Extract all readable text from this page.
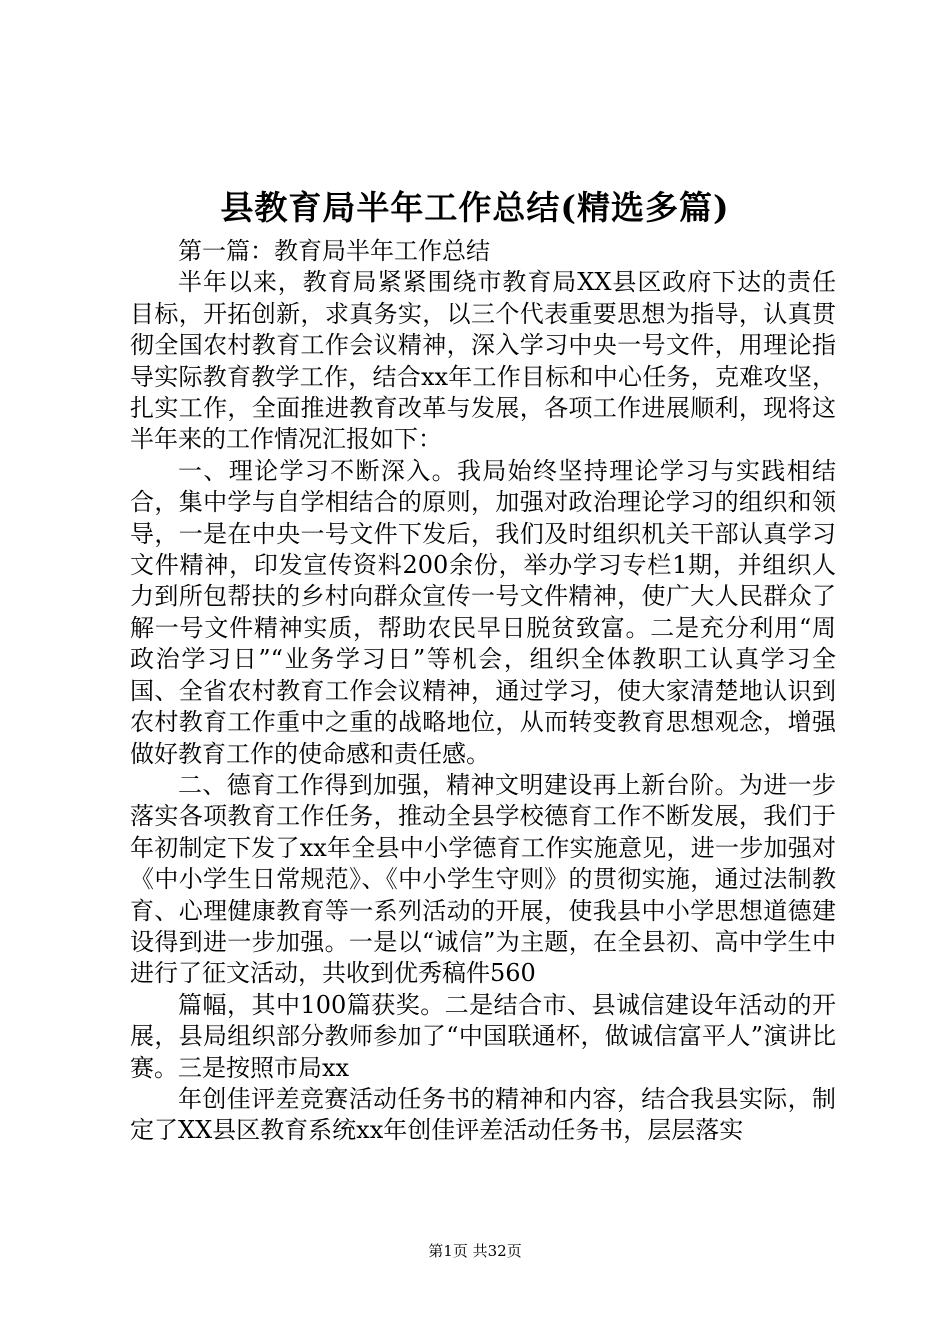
县教育局半年工作总结(精选多篇)

第一篇：教育局半年工作总结

半年以来，教育局紧紧围绕市教育局XX县区政府下达的责任目标，开拓创新，求真务实，以三个代表重要思想为指导，认真贯彻全国农村教育工作会议精神，深入学习中央一号文件，用理论指导实际教育教学工作，结合xx年工作目标和中心任务，克难攻坚，扎实工作，全面推进教育改革与发展，各项工作进展顺利，现将这半年来的工作情况汇报如下：

一、理论学习不断深入。我局始终坚持理论学习与实践相结合，集中学与自学相结合的原则，加强对政治理论学习的组织和领导，一是在中央一号文件下发后，我们及时组织机关干部认真学习文件精神，印发宣传资料200余份，举办学习专栏1期，并组织人力到所包帮扶的乡村向群众宣传一号文件精神，使广大人民群众了解一号文件精神实质，帮助农民早日脱贫致富。二是充分利用“周政治学习日”“业务学习日”等机会，组织全体教职工认真学习全国、全省农村教育工作会议精神，通过学习，使大家清楚地认识到农村教育工作重中之重的战略地位，从而转变教育思想观念，增强做好教育工作的使命感和责任感。

二、德育工作得到加强，精神文明建设再上新台阶。为进一步落实各项教育工作任务，推动全县学校德育工作不断发展，我们于年初制定下发了xx年全县中小学德育工作实施意见，进一步加强对《中小学生日常规范》、《中小学生守则》的贯彻实施，通过法制教育、心理健康教育等一系列活动的开展，使我县中小学思想道德建设得到进一步加强。一是以“诚信”为主题，在全县初、高中学生中进行了征文活动，共收到优秀稿件560

篇幅，其中100篇获奖。二是结合市、县诚信建设年活动的开展，县局组织部分教师参加了“中国联通杯，做诚信富平人”演讲比赛。三是按照市局xx

年创佳评差竞赛活动任务书的精神和内容，结合我县实际，制定了XX县区教育系统xx年创佳评差活动任务书，层层落实

第1页 共32页
